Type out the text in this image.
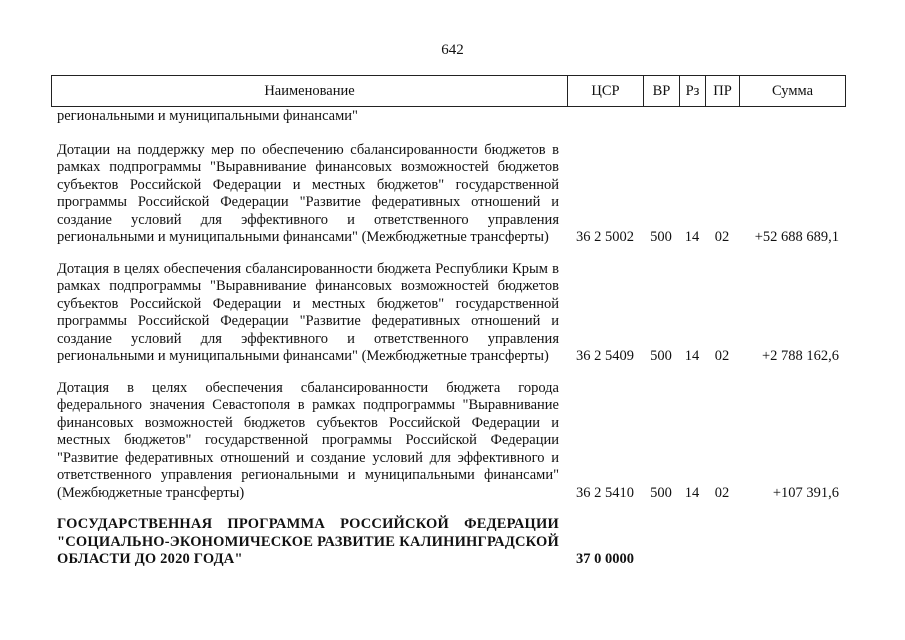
642
Наименование	ЦСР	ВР	Рз	ПР	Сумма
региональными и муниципальными финансами"
Дотации на поддержку мер по обеспечению сбалансированности бюджетов в рамках подпрограммы "Выравнивание финансовых возможностей бюджетов субъектов Российской Федерации и местных бюджетов" государственной программы Российской Федерации "Развитие федеративных отношений и создание условий для эффективного и ответственного управления региональными и муниципальными финансами" (Межбюджетные трансферты)	36 2 5002	500 14	02	+52 688 689,1
Дотация в целях обеспечения сбалансированности бюджета Республики Крым в рамках подпрограммы "Выравнивание финансовых возможностей бюджетов субъектов Российской Федерации и местных бюджетов" государственной программы Российской Федерации "Развитие федеративных отношений и создание условий для эффективного и ответственного управления региональными и муниципальными финансами" (Межбюджетные трансферты)	36 2 5409	500 14	02	+2 788 162,6
Дотация в целях обеспечения сбалансированности бюджета города федерального значения Севастополя в рамках подпрограммы "Выравнивание финансовых возможностей бюджетов субъектов Российской Федерации и местных бюджетов" государственной программы Российской Федерации "Развитие федеративных отношений и создание условий для эффективного и ответственного управления региональными и муниципальными финансами" (Межбюджетные трансферты)	36 2 5410	500 14	02	+107 391,6
ГОСУДАРСТВЕННАЯ ПРОГРАММА РОССИЙСКОЙ ФЕДЕРАЦИИ "СОЦИАЛЬНО-ЭКОНОМИЧЕСКОЕ РАЗВИТИЕ КАЛИНИНГРАДСКОЙ ОБЛАСТИ ДО 2020 ГОДА"	37 0 0000
